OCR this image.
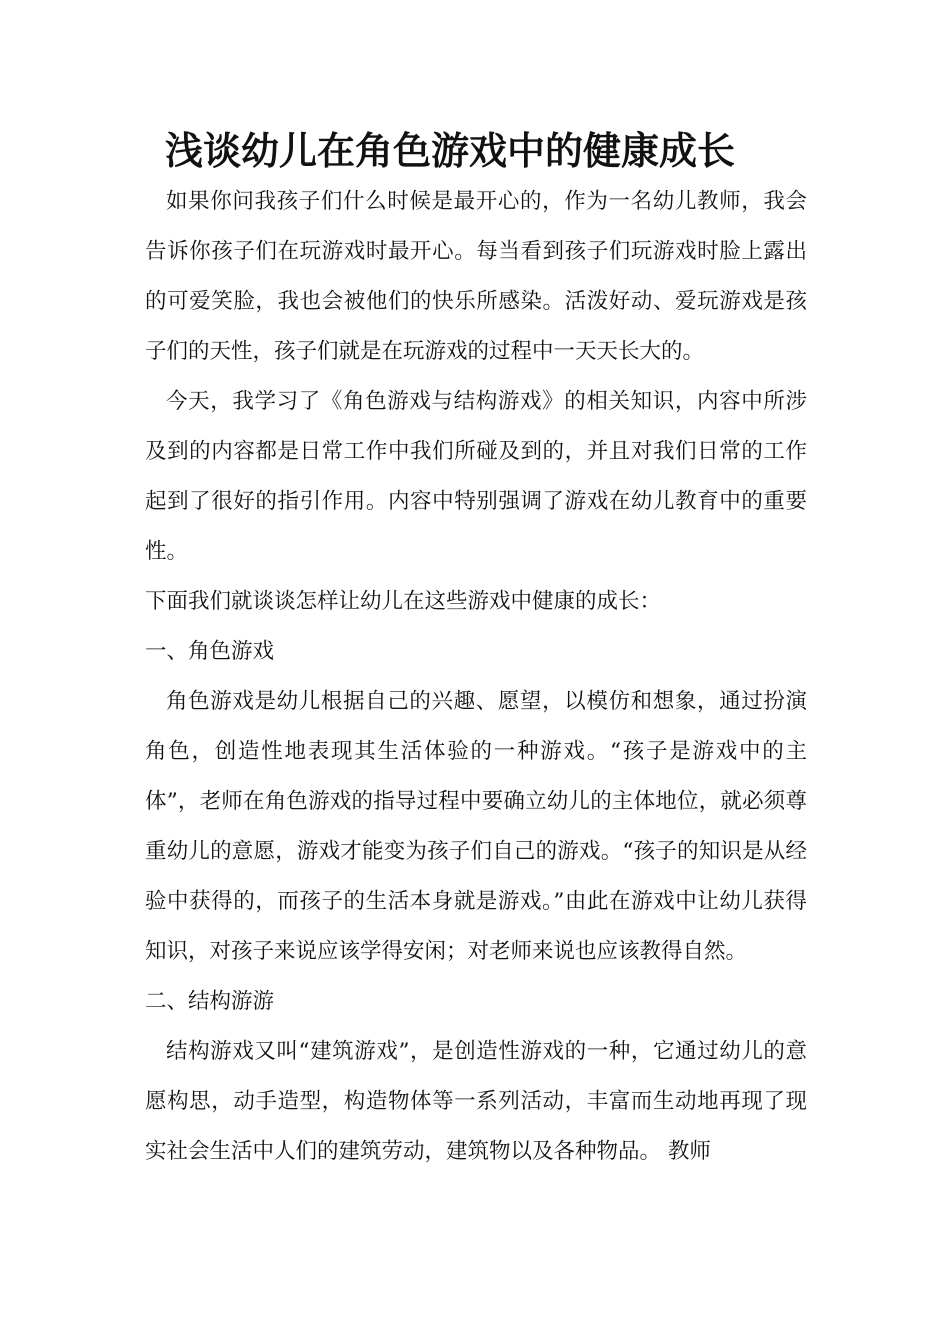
浅谈幼儿在角色游戏中的健康成长

如果你问我孩子们什么时候是最开心的，作为一名幼儿教师，我会告诉你孩子们在玩游戏时最开心。每当看到孩子们玩游戏时脸上露出的可爱笑脸，我也会被他们的快乐所感染。活泼好动、爱玩游戏是孩子们的天性，孩子们就是在玩游戏的过程中一天天长大的。

今天，我学习了《角色游戏与结构游戏》的相关知识，内容中所涉及到的内容都是日常工作中我们所碰及到的，并且对我们日常的工作起到了很好的指引作用。内容中特别强调了游戏在幼儿教育中的重要性。

下面我们就谈谈怎样让幼儿在这些游戏中健康的成长：

一、角色游戏

角色游戏是幼儿根据自己的兴趣、愿望，以模仿和想象，通过扮演角色，创造性地表现其生活体验的一种游戏。“孩子是游戏中的主体”，老师在角色游戏的指导过程中要确立幼儿的主体地位，就必须尊重幼儿的意愿，游戏才能变为孩子们自己的游戏。“孩子的知识是从经验中获得的，而孩子的生活本身就是游戏。”由此在游戏中让幼儿获得知识，对孩子来说应该学得安闲；对老师来说也应该教得自然。

二、结构游游

结构游戏又叫“建筑游戏”，是创造性游戏的一种，它通过幼儿的意愿构思，动手造型，构造物体等一系列活动，丰富而生动地再现了现实社会生活中人们的建筑劳动，建筑物以及各种物品。 教师
